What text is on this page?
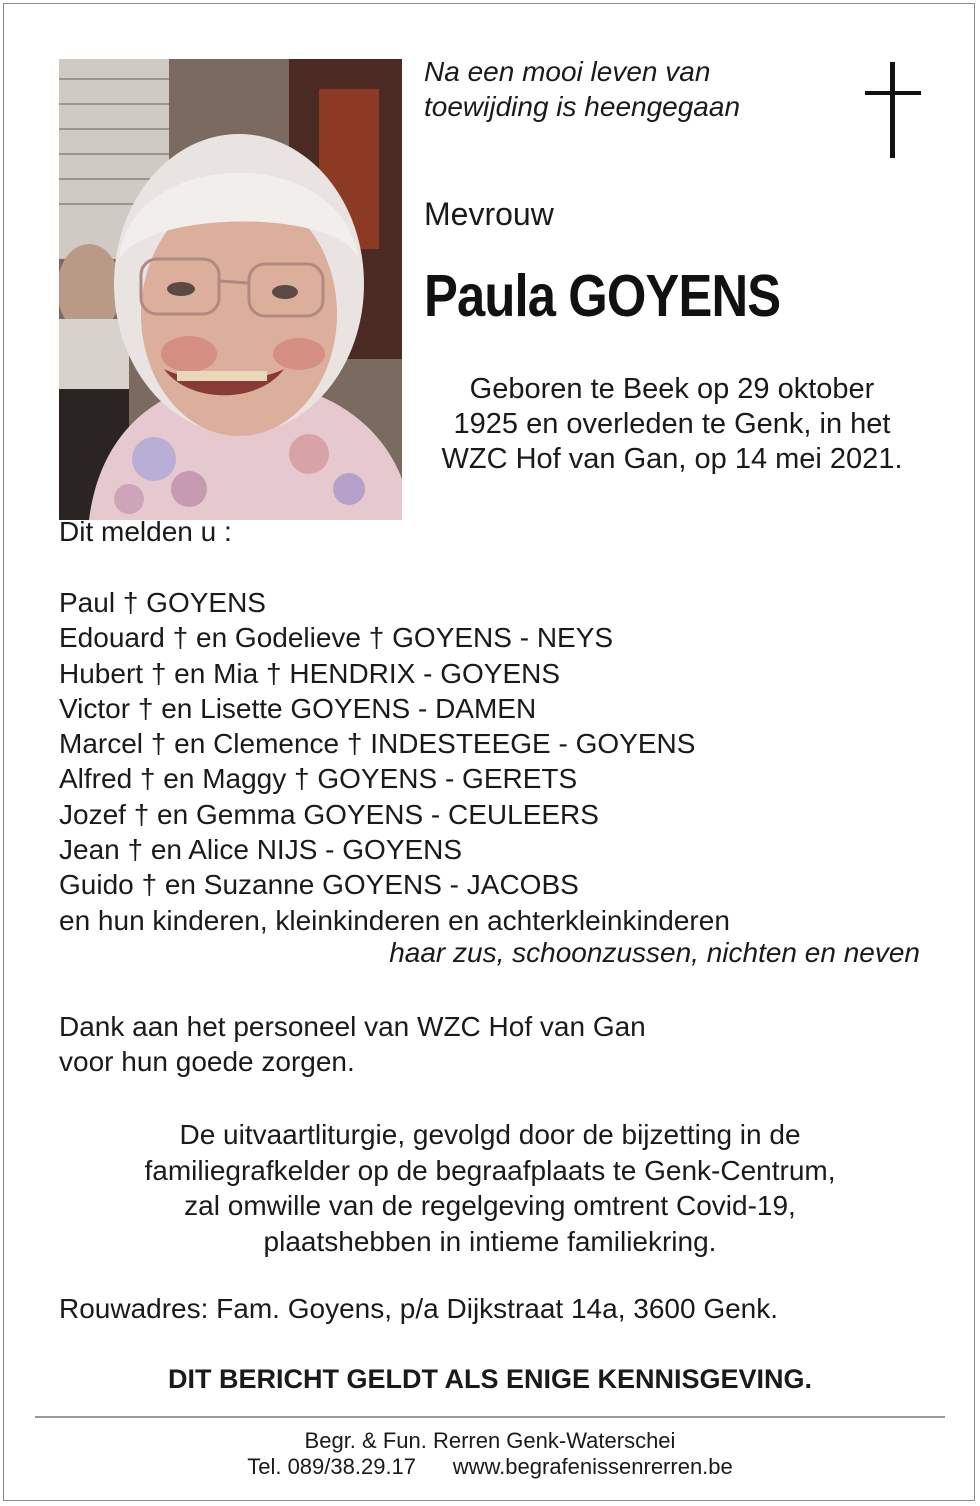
Na een mooi leven van
toewijding is heengegaan
Mevrouw
Paula GOYENS
Geboren te Beek op 29 oktober
1925 en overleden te Genk, in het
WZC Hof van Gan, op 14 mei 2021.
Dit melden u :
Paul † GOYENS
Edouard † en Godelieve † GOYENS - NEYS
Hubert † en Mia † HENDRIX - GOYENS
Victor † en Lisette GOYENS - DAMEN
Marcel † en Clemence † INDESTEEGE - GOYENS
Alfred † en Maggy † GOYENS - GERETS
Jozef † en Gemma GOYENS - CEULEERS
Jean † en Alice NIJS - GOYENS
Guido † en Suzanne GOYENS - JACOBS
en hun kinderen, kleinkinderen en achterkleinkinderen
haar zus, schoonzussen, nichten en neven
Dank aan het personeel van WZC Hof van Gan
voor hun goede zorgen.
De uitvaartliturgie, gevolgd door de bijzetting in de
familiegrafkelder op de begraafplaats te Genk-Centrum,
zal omwille van de regelgeving omtrent Covid-19,
plaatshebben in intieme familiekring.
Rouwadres: Fam. Goyens, p/a Dijkstraat 14a, 3600 Genk.
DIT BERICHT GELDT ALS ENIGE KENNISGEVING.
Begr. & Fun. Rerren Genk-Waterschei
Tel. 089/38.29.17 www.begrafenissenrerren.be
